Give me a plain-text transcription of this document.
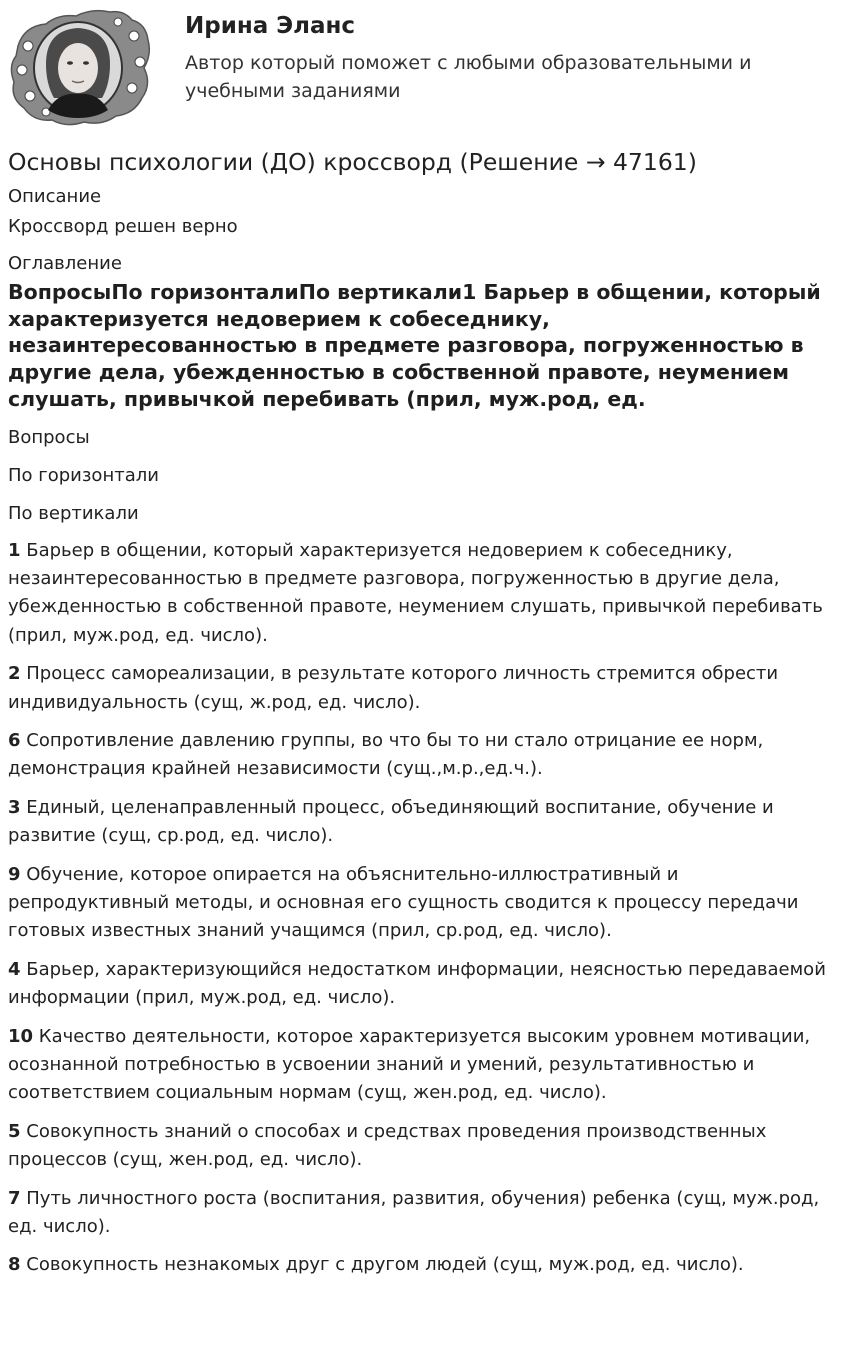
Ирина Эланс
Автор который поможет с любыми образовательными и учебными заданиями
Основы психологии (ДО) кроссворд (Решение → 47161)
Описание
Кроссворд решен верно
Оглавление
ВопросыПо горизонталиПо вертикали1 Барьер в общении, который характеризуется недоверием к собеседнику, незаинтересованностью в предмете разговора, погруженностью в другие дела, убежденностью в собственной правоте, неумением слушать, привычкой перебивать (прил, муж.род, ед.
Вопросы
По горизонтали
По вертикали
1 Барьер в общении, который характеризуется недоверием к собеседнику, незаинтересованностью в предмете разговора, погруженностью в другие дела, убежденностью в собственной правоте, неумением слушать, привычкой перебивать (прил, муж.род, ед. число).
2 Процесс самореализации, в результате которого личность стремится обрести индивидуальность (сущ, ж.род, ед. число).
6 Сопротивление давлению группы, во что бы то ни стало отрицание ее норм, демонстрация крайней независимости (сущ.,м.р.,ед.ч.).
3 Единый, целенаправленный процесс, объединяющий воспитание, обучение и развитие (сущ, ср.род, ед. число).
9 Обучение, которое опирается на объяснительно-иллюстративный и репродуктивный методы, и основная его сущность сводится к процессу передачи готовых известных знаний учащимся (прил, ср.род, ед. число).
4 Барьер, характеризующийся недостатком информации, неясностью передаваемой информации (прил, муж.род, ед. число).
10 Качество деятельности, которое характеризуется высоким уровнем мотивации, осознанной потребностью в усвоении знаний и умений, результативностью и соответствием социальным нормам (сущ, жен.род, ед. число).
5 Совокупность знаний о способах и средствах проведения производственных процессов (сущ, жен.род, ед. число).
7 Путь личностного роста (воспитания, развития, обучения) ребенка (сущ, муж.род, ед. число).
8 Совокупность незнакомых друг с другом людей (сущ, муж.род, ед. число).
